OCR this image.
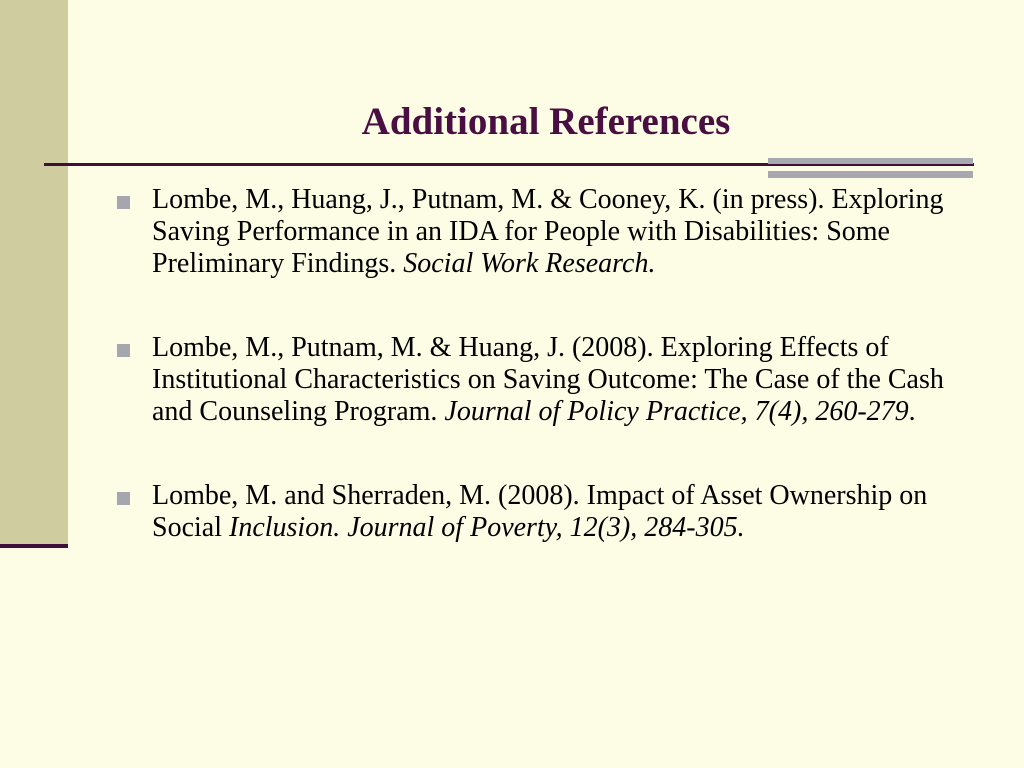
Additional References
Lombe, M., Huang, J., Putnam, M. & Cooney, K. (in press). Exploring Saving Performance in an IDA for People with Disabilities: Some Preliminary Findings. Social Work Research.
Lombe, M., Putnam, M. & Huang, J. (2008). Exploring Effects of Institutional Characteristics on Saving Outcome: The Case of the Cash and Counseling Program. Journal of Policy Practice, 7(4), 260-279.
Lombe, M. and Sherraden, M. (2008). Impact of Asset Ownership on Social Inclusion. Journal of Poverty, 12(3), 284-305.
